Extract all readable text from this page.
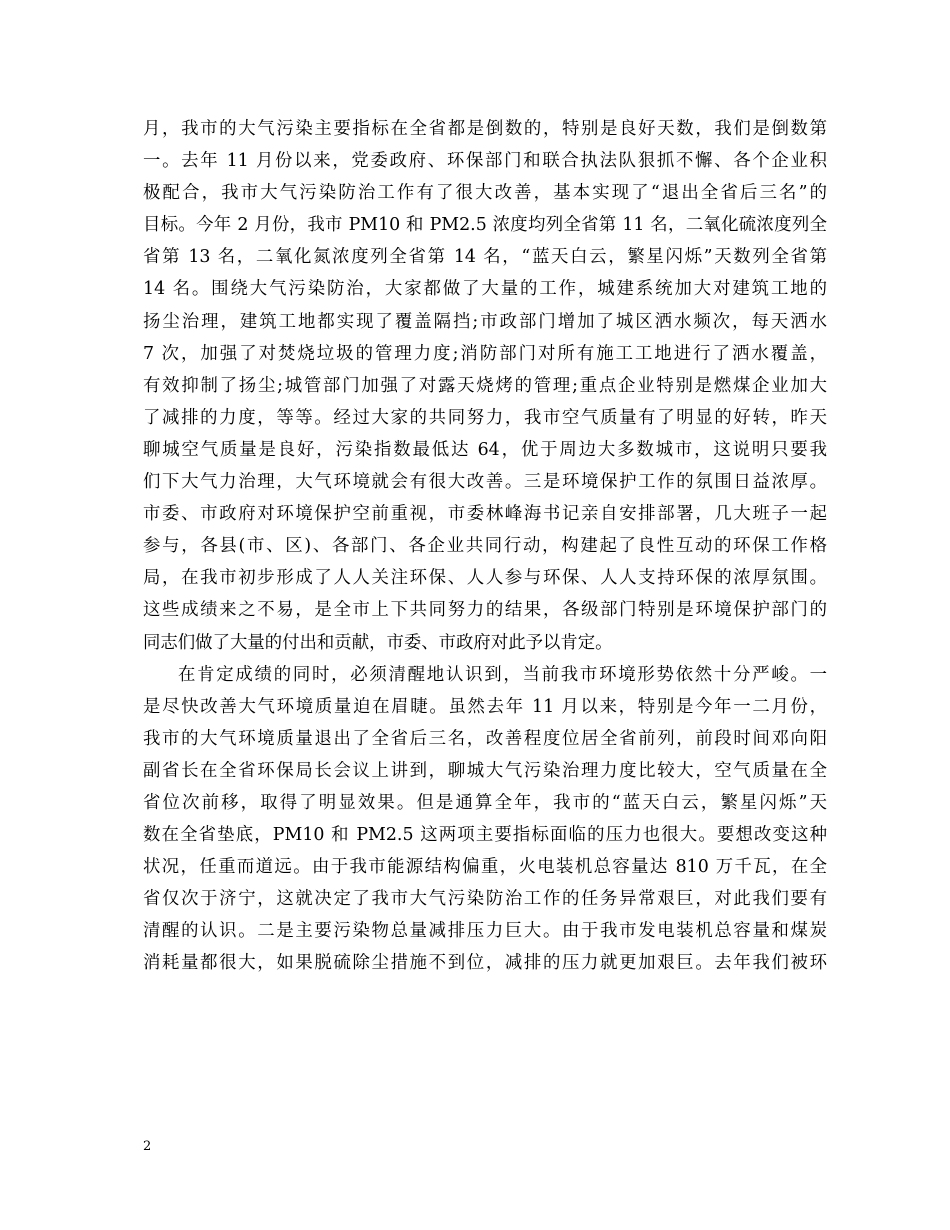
月，我市的大气污染主要指标在全省都是倒数的，特别是良好天数，我们是倒数第
一。去年 11 月份以来，党委政府、环保部门和联合执法队狠抓不懈、各个企业积
极配合，我市大气污染防治工作有了很大改善，基本实现了“退出全省后三名”的
目标。今年 2 月份，我市 PM10 和 PM2.5 浓度均列全省第 11 名，二氧化硫浓度列全
省第 13 名，二氧化氮浓度列全省第 14 名，“蓝天白云，繁星闪烁”天数列全省第
14 名。围绕大气污染防治，大家都做了大量的工作，城建系统加大对建筑工地的
扬尘治理，建筑工地都实现了覆盖隔挡;市政部门增加了城区洒水频次，每天洒水
7 次，加强了对焚烧垃圾的管理力度;消防部门对所有施工工地进行了洒水覆盖，
有效抑制了扬尘;城管部门加强了对露天烧烤的管理;重点企业特别是燃煤企业加大
了减排的力度，等等。经过大家的共同努力，我市空气质量有了明显的好转，昨天
聊城空气质量是良好，污染指数最低达 64，优于周边大多数城市，这说明只要我
们下大气力治理，大气环境就会有很大改善。三是环境保护工作的氛围日益浓厚。
市委、市政府对环境保护空前重视，市委林峰海书记亲自安排部署，几大班子一起
参与，各县(市、区)、各部门、各企业共同行动，构建起了良性互动的环保工作格
局，在我市初步形成了人人关注环保、人人参与环保、人人支持环保的浓厚氛围。
这些成绩来之不易，是全市上下共同努力的结果，各级部门特别是环境保护部门的
同志们做了大量的付出和贡献，市委、市政府对此予以肯定。
在肯定成绩的同时，必须清醒地认识到，当前我市环境形势依然十分严峻。一
是尽快改善大气环境质量迫在眉睫。虽然去年 11 月以来，特别是今年一二月份，
我市的大气环境质量退出了全省后三名，改善程度位居全省前列，前段时间邓向阳
副省长在全省环保局长会议上讲到，聊城大气污染治理力度比较大，空气质量在全
省位次前移，取得了明显效果。但是通算全年，我市的“蓝天白云，繁星闪烁”天
数在全省垫底，PM10 和 PM2.5 这两项主要指标面临的压力也很大。要想改变这种
状况，任重而道远。由于我市能源结构偏重，火电装机总容量达 810 万千瓦，在全
省仅次于济宁，这就决定了我市大气污染防治工作的任务异常艰巨，对此我们要有
清醒的认识。二是主要污染物总量减排压力巨大。由于我市发电装机总容量和煤炭
消耗量都很大，如果脱硫除尘措施不到位，减排的压力就更加艰巨。去年我们被环
2
